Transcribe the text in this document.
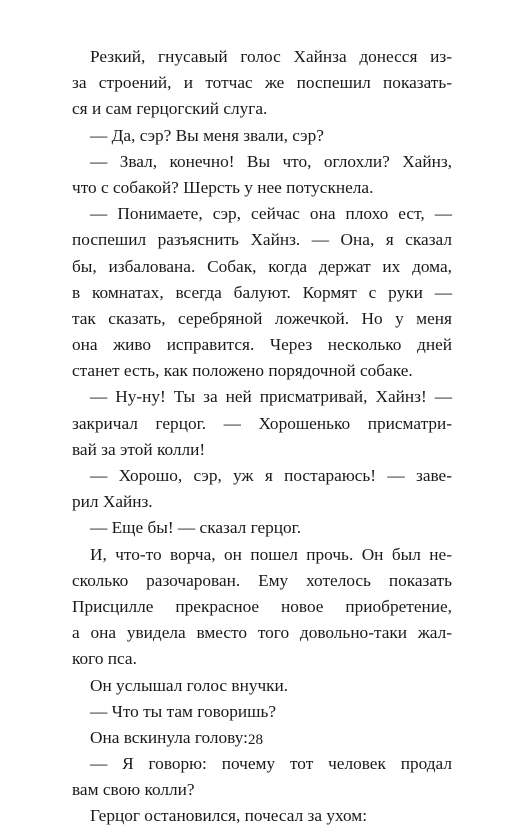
Резкий, гнусавый голос Хайнза донесся из-
за строений, и тотчас же поспешил показать-
ся и сам герцогский слуга.
— Да, сэр? Вы меня звали, сэр?
— Звал, конечно! Вы что, оглохли? Хайнз,
что с собакой? Шерсть у нее потускнела.
— Понимаете, сэр, сейчас она плохо ест, —
поспешил разъяснить Хайнз. — Она, я сказал
бы, избалована. Собак, когда держат их дома,
в комнатах, всегда балуют. Кормят с руки —
так сказать, серебряной ложечкой. Но у меня
она живо исправится. Через несколько дней
станет есть, как положено порядочной собаке.
— Ну-ну! Ты за ней присматривай, Хайнз! —
закричал герцог. — Хорошенько присматри-
вай за этой колли!
— Хорошо, сэр, уж я постараюсь! — заве-
рил Хайнз.
— Еще бы! — сказал герцог.
И, что-то ворча, он пошел прочь. Он был не-
сколько разочарован. Ему хотелось показать
Присцилле прекрасное новое приобретение,
а она увидела вместо того довольно-таки жал-
кого пса.
Он услышал голос внучки.
— Что ты там говоришь?
Она вскинула голову:
— Я говорю: почему тот человек продал
вам свою колли?
Герцог остановился, почесал за ухом:
28
